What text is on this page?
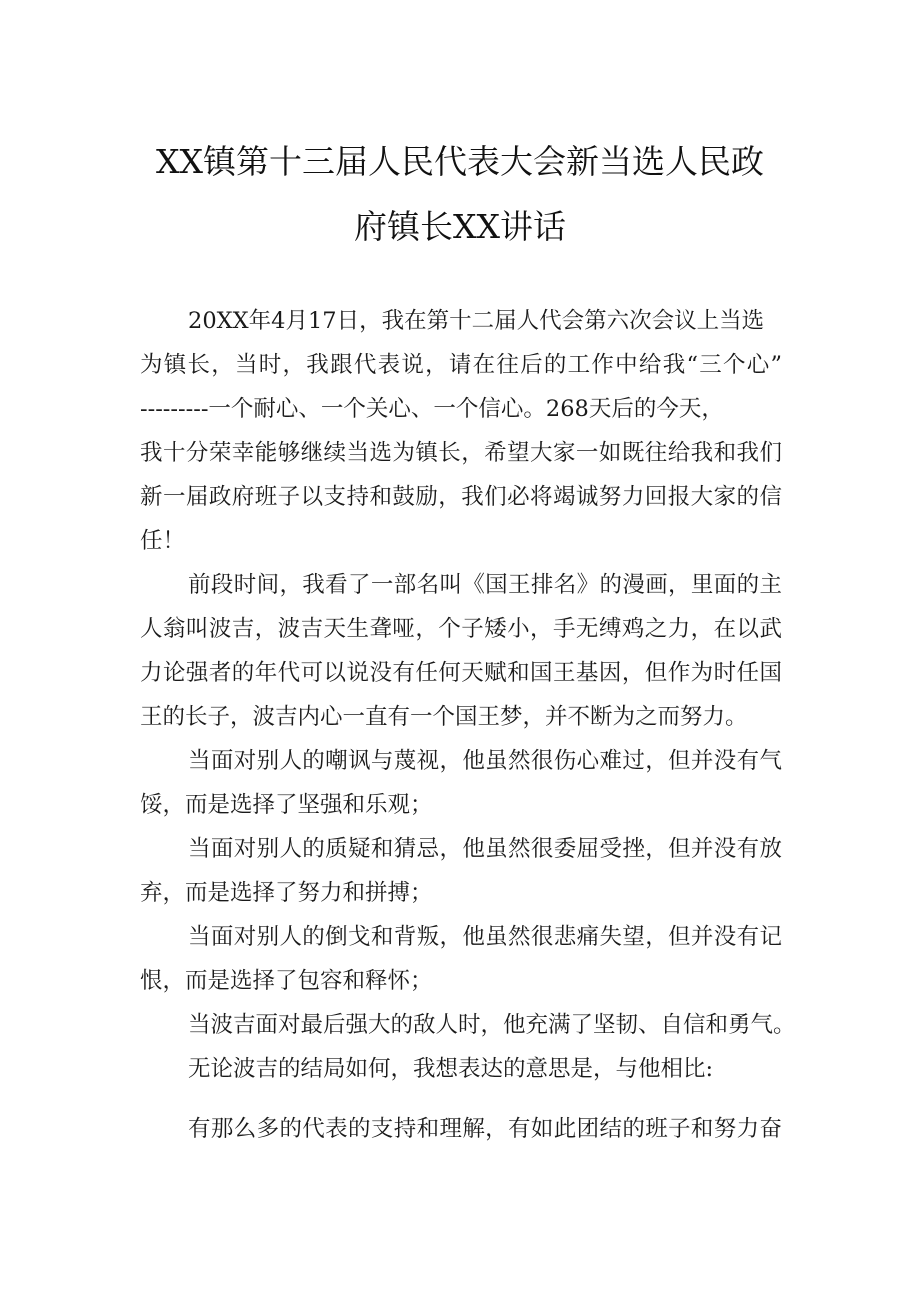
XX镇第十三届人民代表大会新当选人民政
府镇长XX讲话
20XX年4月17日，我在第十二届人代会第六次会议上当选
为镇长，当时，我跟代表说，请在往后的工作中给我“三个心”
---------一个耐心、一个关心、一个信心。268天后的今天，
我十分荣幸能够继续当选为镇长，希望大家一如既往给我和我们
新一届政府班子以支持和鼓励，我们必将竭诚努力回报大家的信
任！
前段时间，我看了一部名叫《国王排名》的漫画，里面的主
人翁叫波吉，波吉天生聋哑，个子矮小，手无缚鸡之力，在以武
力论强者的年代可以说没有任何天赋和国王基因，但作为时任国
王的长子，波吉内心一直有一个国王梦，并不断为之而努力。
当面对别人的嘲讽与蔑视，他虽然很伤心难过，但并没有气
馁，而是选择了坚强和乐观；
当面对别人的质疑和猜忌，他虽然很委屈受挫，但并没有放
弃，而是选择了努力和拼搏；
当面对别人的倒戈和背叛，他虽然很悲痛失望，但并没有记
恨，而是选择了包容和释怀；
当波吉面对最后强大的敌人时，他充满了坚韧、自信和勇气。
无论波吉的结局如何，我想表达的意思是，与他相比:
有那么多的代表的支持和理解，有如此团结的班子和努力奋
